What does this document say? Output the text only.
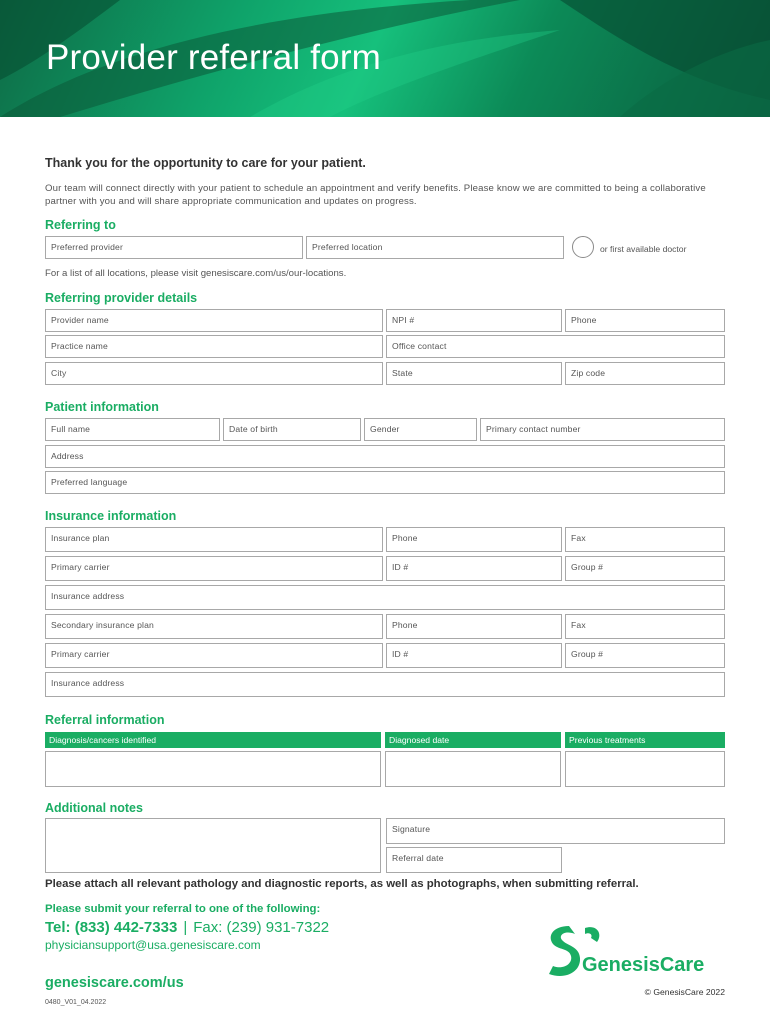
Provider referral form
Thank you for the opportunity to care for your patient.
Our team will connect directly with your patient to schedule an appointment and verify benefits. Please know we are committed to being a collaborative partner with you and will share appropriate communication and updates on progress.
Referring to
Preferred provider	Preferred location	or first available doctor
For a list of all locations, please visit genesiscare.com/us/our-locations.
Referring provider details
Provider name	NPI #	Phone
Practice name	Office contact
City	State	Zip code
Patient information
Full name	Date of birth	Gender	Primary contact number
Address
Preferred language
Insurance information
Insurance plan	Phone	Fax
Primary carrier	ID #	Group #
Insurance address
Secondary insurance plan	Phone	Fax
Primary carrier	ID #	Group #
Insurance address
Referral information
Diagnosis/cancers identified	Diagnosed date	Previous treatments
Additional notes
Signature
Referral date
Please attach all relevant pathology and diagnostic reports, as well as photographs, when submitting referral.
Please submit your referral to one of the following:
Tel: (833) 442-7333 | Fax: (239) 931-7322
physiciansupport@usa.genesiscare.com
genesiscare.com/us
0480_V01_04.2022
GenesisCare
© GenesisCare 2022
